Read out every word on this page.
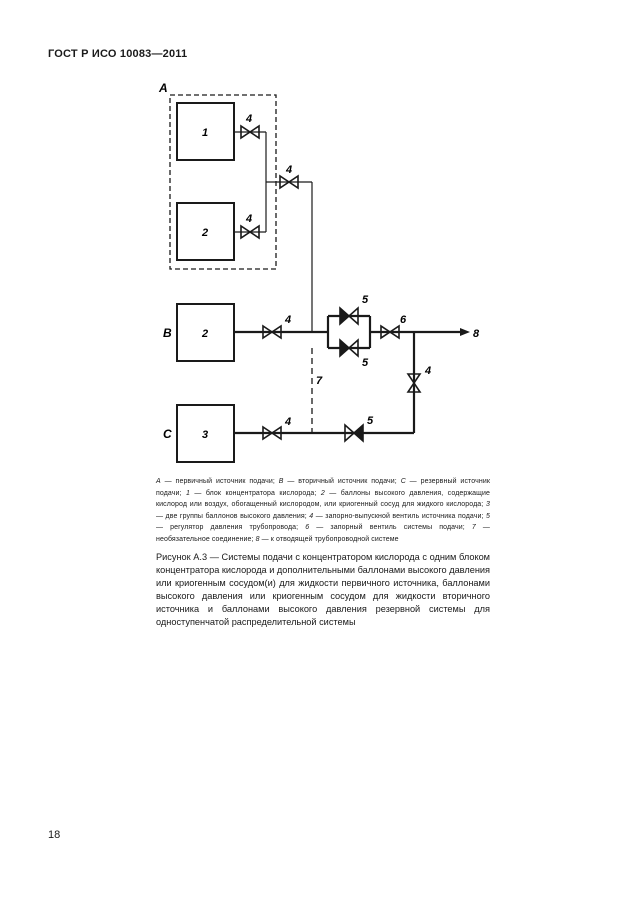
ГОСТ Р ИСО 10083—2011
A
1
2
2
B
3
C
4
4
4
4
4
4
5
5
5
6
7
8
A — первичный источник подачи; B — вторичный источник подачи; C — резервный источник подачи; 1 — блок концентратора кислорода; 2 — баллоны высокого давления, содержащие кислород или воздух, обогащенный кислородом, или криогенный сосуд для жидкого кислорода; 3 — две группы баллонов высокого давления; 4 — запорно-выпускной вентиль источника подачи; 5 — регулятор давления трубопровода; 6 — запорный вентиль системы подачи; 7 — необязательное соединение; 8 — к отводящей трубопроводной системе
Рисунок А.3 — Системы подачи с концентратором кислорода с одним блоком концентратора кислорода и дополнительными баллонами высокого давления или криогенным сосудом(и) для жидкости первичного источника, баллонами высокого давления или криогенным сосудом для жидкости вторичного источника и баллонами высокого давления резервной системы для одноступенчатой распределительной системы
18
